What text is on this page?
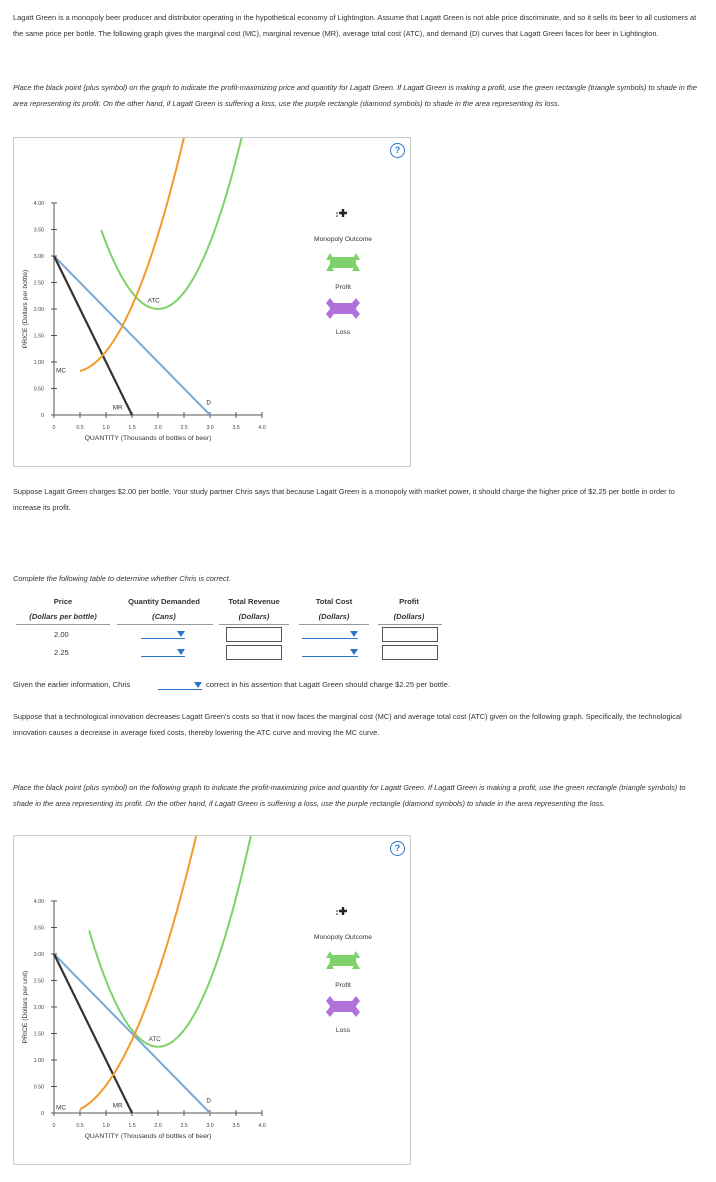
Lagatt Green is a monopoly beer producer and distributor operating in the hypothetical economy of Lightington. Assume that Lagatt Green is not able price discriminate, and so it sells its beer to all customers at the same price per bottle. The following graph gives the marginal cost (MC), marginal revenue (MR), average total cost (ATC), and demand (D) curves that Lagatt Green faces for beer in Lightington.
Place the black point (plus symbol) on the graph to indicate the profit-maximizing price and quantity for Lagatt Green. If Lagatt Green is making a profit, use the green rectangle (triangle symbols) to shade in the area representing its profit. On the other hand, if Lagatt Green is suffering a loss, use the purple rectangle (diamond symbols) to shade in the area representing its loss.
?
4.00
3.50
3.00
2.50
2.00
1.50
1.00
0.50
0
0	0.5	1.0	1.5	2.0	2.5	3.0	3.5	4.0
QUANTITY (Thousands of bottles of beer)
PRICE (Dollars per bottle)	ATC
MC
MR
D
Monopoly Outcome
Profit
Loss
Suppose Lagatt Green charges $2.00 per bottle. Your study partner Chris says that because Lagatt Green is a monopoly with market power, it should charge the higher price of $2.25 per bottle in order to increase its profit.
Complete the following table to determine whether Chris is correct.
Price	Quantity Demanded	Total Revenue	Total Cost	Profit
(Dollars per bottle)	(Cans)	(Dollars)	(Dollars)	(Dollars)
2.00
2.25
Given the earlier information, Chris	correct in his assertion that Lagatt Green should charge $2.25 per bottle.
Suppose that a technological innovation decreases Lagatt Green's costs so that it now faces the marginal cost (MC) and average total cost (ATC) given on the following graph. Specifically, the technological innovation causes a decrease in average fixed costs, thereby lowering the ATC curve and moving the MC curve.
Place the black point (plus symbol) on the following graph to indicate the profit-maximizing price and quantity for Lagatt Green. If Lagatt Green is making a profit, use the green rectangle (triangle symbols) to shade in the area representing its profit. On the other hand, if Lagatt Green is suffering a loss, use the purple rectangle (diamond symbols) to shade in the area representing the loss.
?
4.00
3.50
3.00
2.50
2.00
1.50
1.00
0.50
0
0	0.5	1.0	1.5	2.0	2.5	3.0	3.5	4.0
QUANTITY (Thousands of bottles of beer)
PRICE (Dollars per unit)	ATC
MC	MR
D
Monopoly Outcome
Profit
Loss
